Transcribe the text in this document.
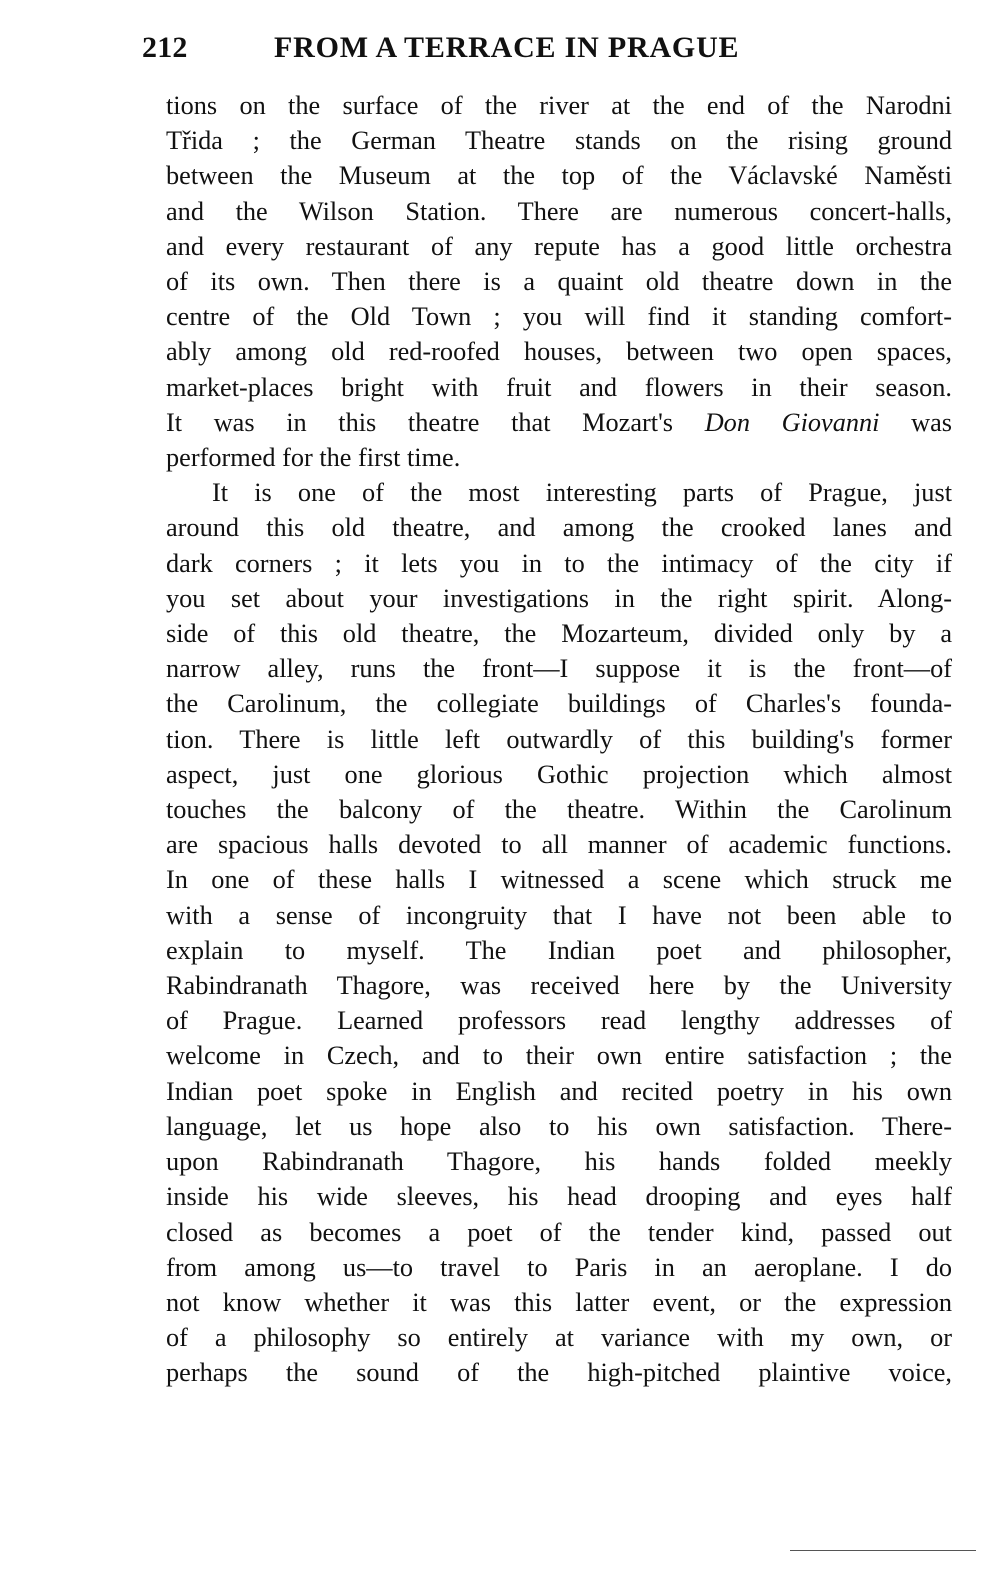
212	FROM A TERRACE IN PRAGUE
tions on the surface of the river at the end of the Narodni
Třida ; the German Theatre stands on the rising ground
between the Museum at the top of the Václavské Naměsti
and the Wilson Station. There are numerous concert-halls,
and every restaurant of any repute has a good little orchestra
of its own. Then there is a quaint old theatre down in the
centre of the Old Town ; you will find it standing comfort-
ably among old red-roofed houses, between two open spaces,
market-places bright with fruit and flowers in their season.
It was in this theatre that Mozart's Don Giovanni was
performed for the first time.
It is one of the most interesting parts of Prague, just
around this old theatre, and among the crooked lanes and
dark corners ; it lets you in to the intimacy of the city if
you set about your investigations in the right spirit. Along-
side of this old theatre, the Mozarteum, divided only by a
narrow alley, runs the front—I suppose it is the front—of
the Carolinum, the collegiate buildings of Charles's founda-
tion. There is little left outwardly of this building's former
aspect, just one glorious Gothic projection which almost
touches the balcony of the theatre. Within the Carolinum
are spacious halls devoted to all manner of academic functions.
In one of these halls I witnessed a scene which struck me
with a sense of incongruity that I have not been able to
explain to myself. The Indian poet and philosopher,
Rabindranath Thagore, was received here by the University
of Prague. Learned professors read lengthy addresses of
welcome in Czech, and to their own entire satisfaction ; the
Indian poet spoke in English and recited poetry in his own
language, let us hope also to his own satisfaction. There-
upon Rabindranath Thagore, his hands folded meekly
inside his wide sleeves, his head drooping and eyes half
closed as becomes a poet of the tender kind, passed out
from among us—to travel to Paris in an aeroplane. I do
not know whether it was this latter event, or the expression
of a philosophy so entirely at variance with my own, or
perhaps the sound of the high-pitched plaintive voice,
